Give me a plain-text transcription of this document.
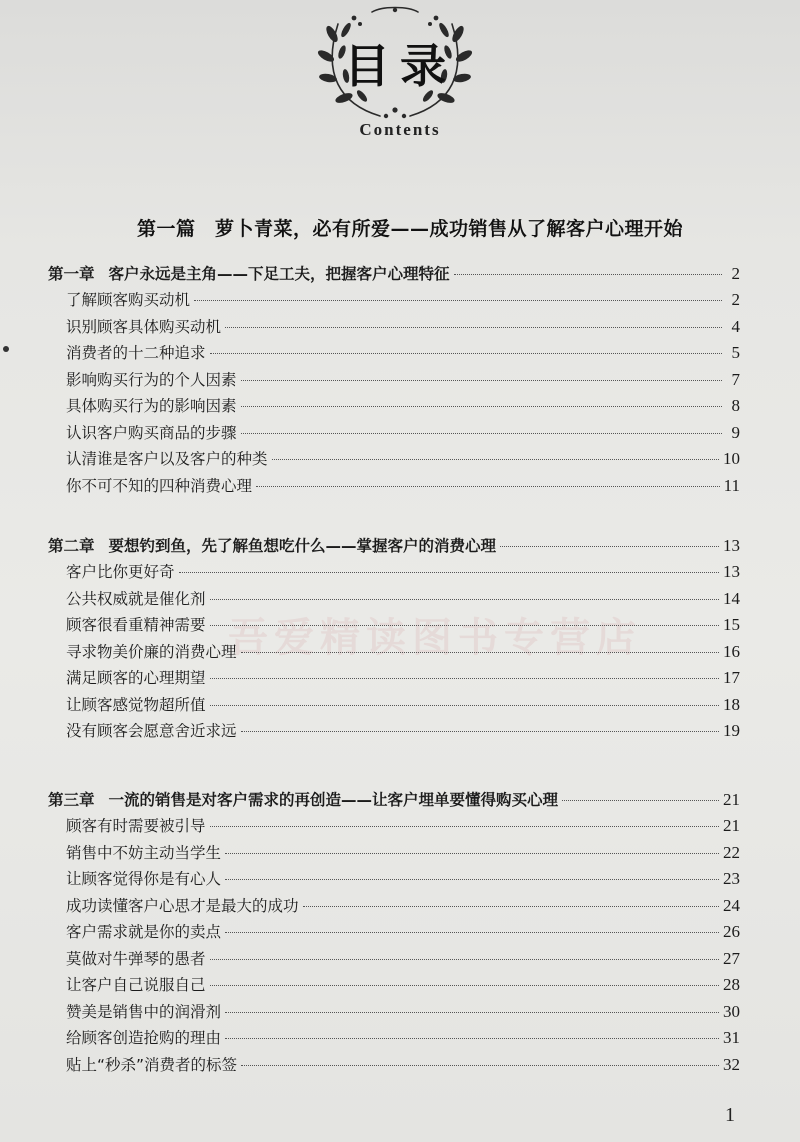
目录
Contents
第一篇　萝卜青菜，必有所爱——成功销售从了解客户心理开始
吾爱精读图书专营店
第一章 客户永远是主角——下足工夫，把握客户心理特征	2
了解顾客购买动机	2
识别顾客具体购买动机	4
消费者的十二种追求	5
影响购买行为的个人因素	7
具体购买行为的影响因素	8
认识客户购买商品的步骤	9
认清谁是客户以及客户的种类	10
你不可不知的四种消费心理	11
第二章 要想钓到鱼，先了解鱼想吃什么——掌握客户的消费心理	13
客户比你更好奇	13
公共权威就是催化剂	14
顾客很看重精神需要	15
寻求物美价廉的消费心理	16
满足顾客的心理期望	17
让顾客感觉物超所值	18
没有顾客会愿意舍近求远	19
第三章 一流的销售是对客户需求的再创造——让客户埋单要懂得购买心理	21
顾客有时需要被引导	21
销售中不妨主动当学生	22
让顾客觉得你是有心人	23
成功读懂客户心思才是最大的成功	24
客户需求就是你的卖点	26
莫做对牛弹琴的愚者	27
让客户自己说服自己	28
赞美是销售中的润滑剂	30
给顾客创造抢购的理由	31
贴上“秒杀”消费者的标签	32
1
